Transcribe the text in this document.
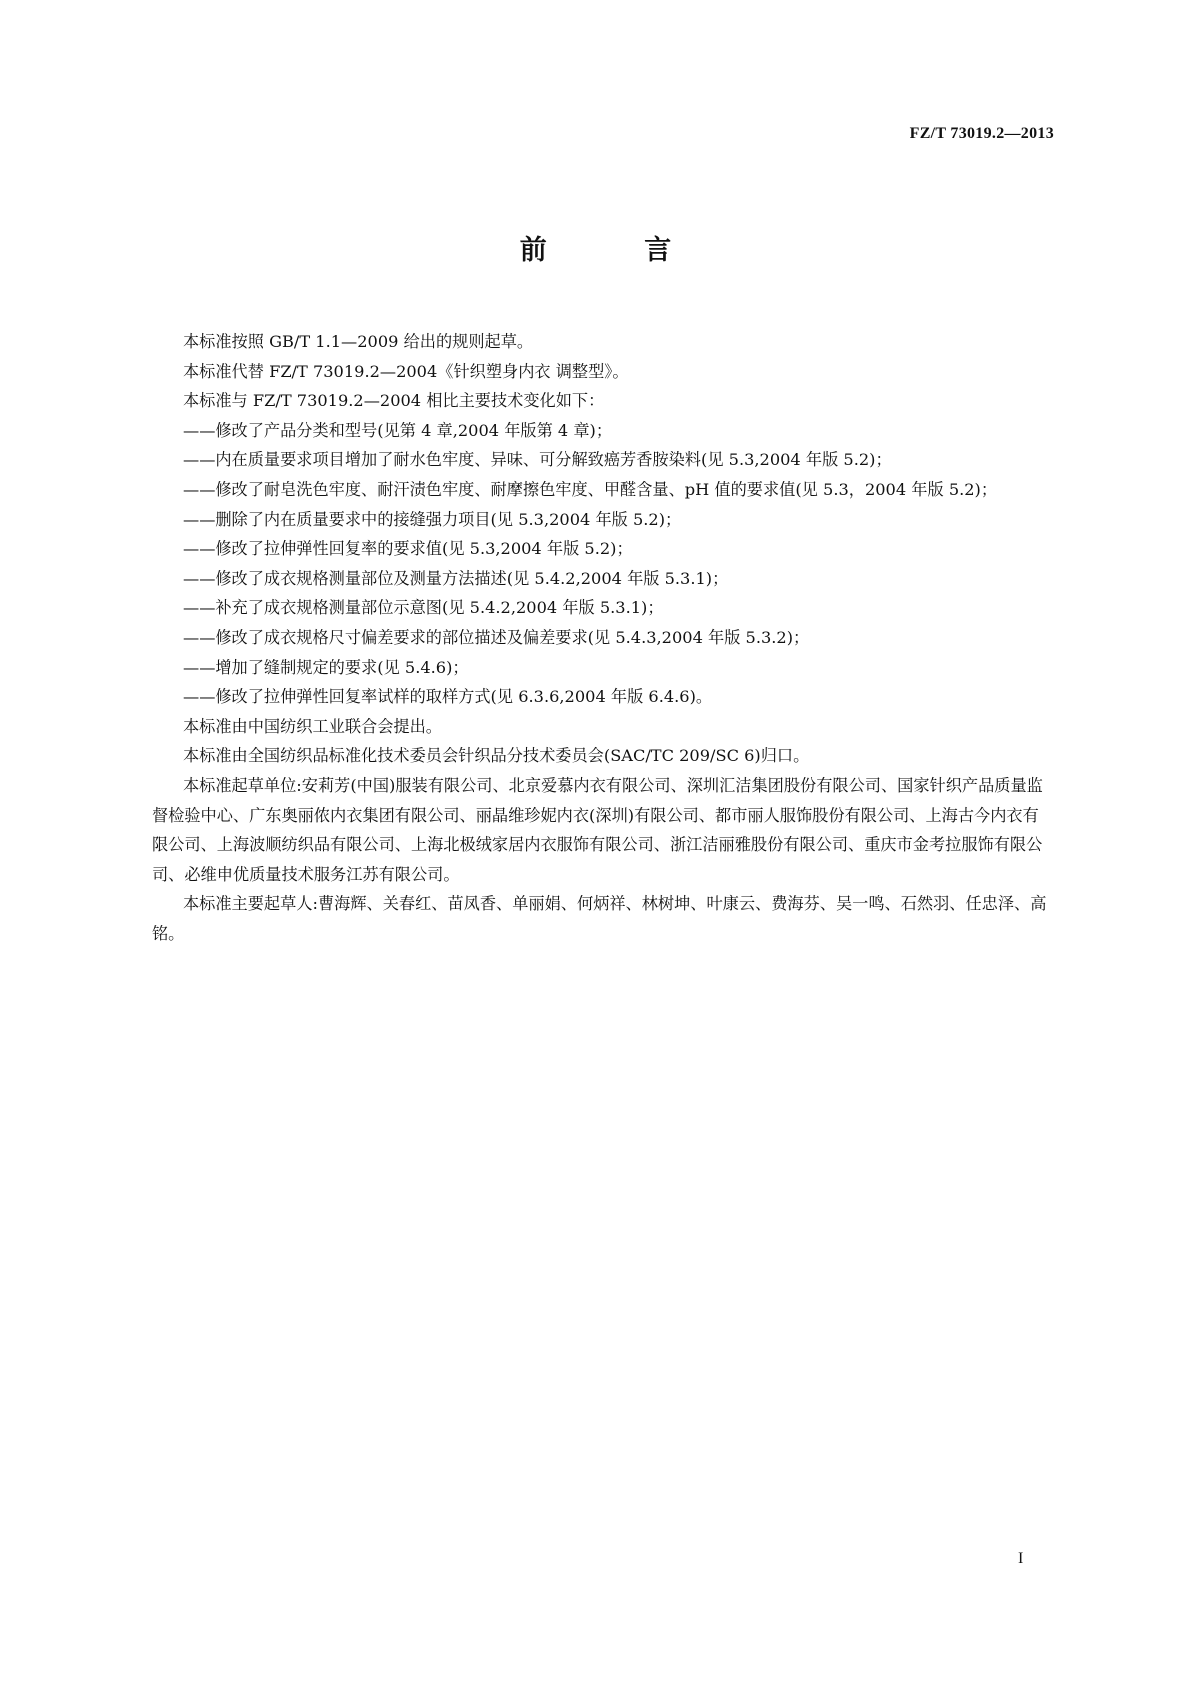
FZ/T 73019.2—2013
前 言

本标准按照 GB/T 1.1—2009 给出的规则起草。

本标准代替 FZ/T 73019.2—2004《针织塑身内衣 调整型》。

本标准与 FZ/T 73019.2—2004 相比主要技术变化如下：

——修改了产品分类和型号(见第 4 章,2004 年版第 4 章)；

——内在质量要求项目增加了耐水色牢度、异味、可分解致癌芳香胺染料(见 5.3,2004 年版 5.2)；

——修改了耐皂洗色牢度、耐汗渍色牢度、耐摩擦色牢度、甲醛含量、pH 值的要求值(见 5.3，2004 年版 5.2)；

——删除了内在质量要求中的接缝强力项目(见 5.3,2004 年版 5.2)；

——修改了拉伸弹性回复率的要求值(见 5.3,2004 年版 5.2)；

——修改了成衣规格测量部位及测量方法描述(见 5.4.2,2004 年版 5.3.1)；

——补充了成衣规格测量部位示意图(见 5.4.2,2004 年版 5.3.1)；

——修改了成衣规格尺寸偏差要求的部位描述及偏差要求(见 5.4.3,2004 年版 5.3.2)；

——增加了缝制规定的要求(见 5.4.6)；

——修改了拉伸弹性回复率试样的取样方式(见 6.3.6,2004 年版 6.4.6)。

本标准由中国纺织工业联合会提出。

本标准由全国纺织品标准化技术委员会针织品分技术委员会(SAC/TC 209/SC 6)归口。

本标准起草单位:安莉芳(中国)服装有限公司、北京爱慕内衣有限公司、深圳汇洁集团股份有限公司、国家针织产品质量监督检验中心、广东奥丽侬内衣集团有限公司、丽晶维珍妮内衣(深圳)有限公司、都市丽人服饰股份有限公司、上海古今内衣有限公司、上海波顺纺织品有限公司、上海北极绒家居内衣服饰有限公司、浙江洁丽雅股份有限公司、重庆市金考拉服饰有限公司、必维申优质量技术服务江苏有限公司。

本标准主要起草人:曹海辉、关春红、苗凤香、单丽娟、何炳祥、林树坤、叶康云、费海芬、吴一鸣、石然羽、任忠泽、高铭。

I
